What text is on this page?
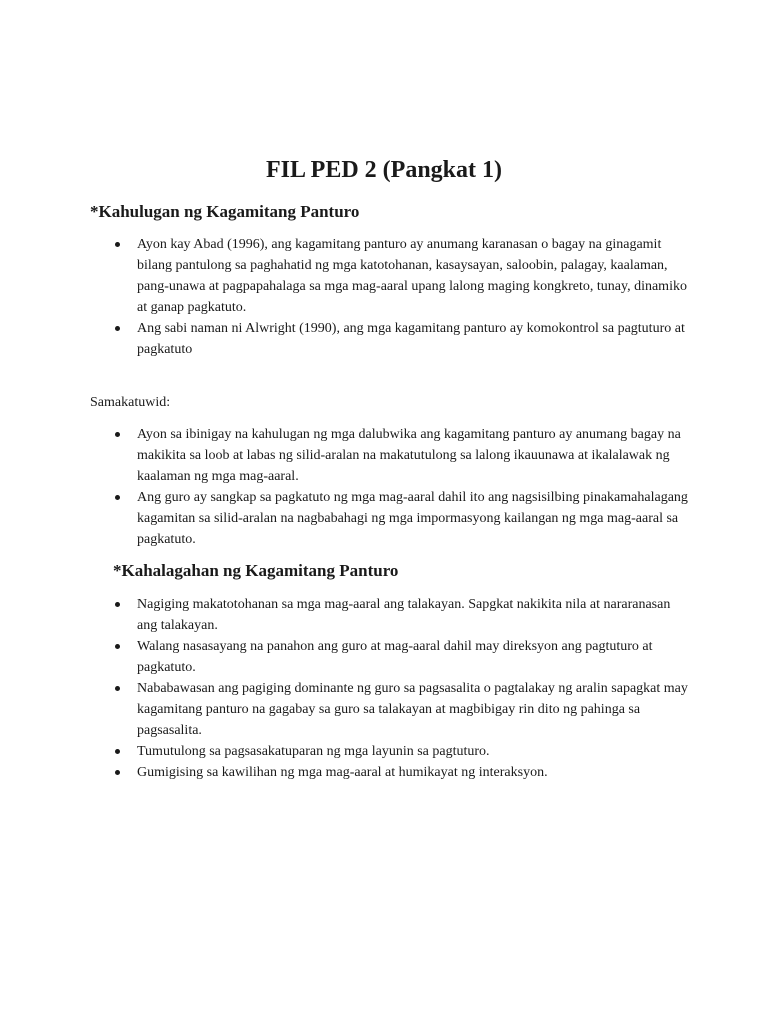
FIL PED 2 (Pangkat 1)
*Kahulugan ng Kagamitang Panturo
Ayon kay Abad (1996), ang kagamitang panturo ay anumang karanasan o bagay na ginagamit bilang pantulong sa paghahatid ng mga katotohanan, kasaysayan, saloobin, palagay, kaalaman, pang-unawa at pagpapahalaga sa mga mag-aaral upang lalong maging kongkreto, tunay, dinamiko at ganap pagkatuto.
Ang sabi naman ni Alwright (1990), ang mga kagamitang panturo ay komokontrol sa pagtuturo at pagkatuto

Samakatuwid:

Ayon sa ibinigay na kahulugan ng mga dalubwika ang kagamitang panturo ay anumang bagay na makikita sa loob at labas ng silid-aralan na makatutulong sa lalong ikauunawa at ikalalawak ng kaalaman ng mga mag-aaral.
Ang guro ay sangkap sa pagkatuto ng mga mag-aaral dahil ito ang nagsisilbing pinakamahalagang kagamitan sa silid-aralan na nagbabahagi ng mga impormasyong kailangan ng mga mag-aaral sa pagkatuto.
*Kahalagahan ng Kagamitang Panturo
Nagiging makatotohanan sa mga mag-aaral ang talakayan. Sapgkat nakikita nila at nararanasan ang talakayan.
Walang nasasayang na panahon ang guro at mag-aaral dahil may direksyon ang pagtuturo at pagkatuto.
Nababawasan ang pagiging dominante ng guro sa pagsasalita o pagtalakay ng aralin sapagkat may kagamitang panturo na gagabay sa guro sa talakayan at magbibigay rin dito ng pahinga sa pagsasalita.
Tumutulong sa pagsasakatuparan ng mga layunin sa pagtuturo.
Gumigising sa kawilihan ng mga mag-aaral at humikayat ng interaksyon.
